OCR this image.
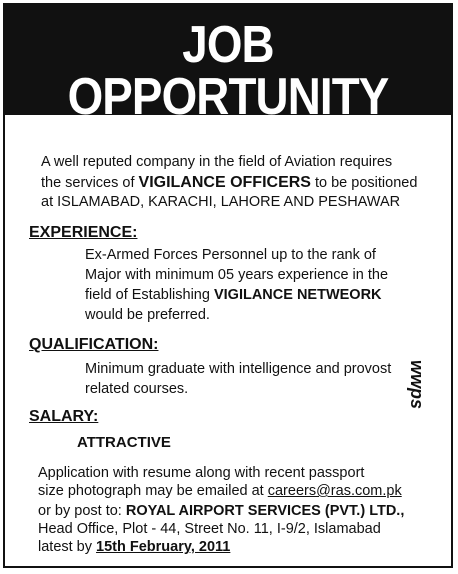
JOB OPPORTUNITY
A well reputed company in the field of Aviation requires
the services of VIGILANCE OFFICERS to be positioned
at ISLAMABAD, KARACHI, LAHORE AND PESHAWAR
EXPERIENCE:
Ex-Armed Forces Personnel up to the rank of
Major with minimum 05 years experience in the
field of Establishing VIGILANCE NETWEORK
would be preferred.
QUALIFICATION:
Minimum graduate with intelligence and provost
related courses.
SALARY:
ATTRACTIVE
Application with resume along with recent passport
size photograph may be emailed at careers@ras.com.pk
or by post to: ROYAL AIRPORT SERVICES (PVT.) LTD.,
Head Office, Plot - 44, Street No. 11, I-9/2, Islamabad
latest by 15th February, 2011
wwps
